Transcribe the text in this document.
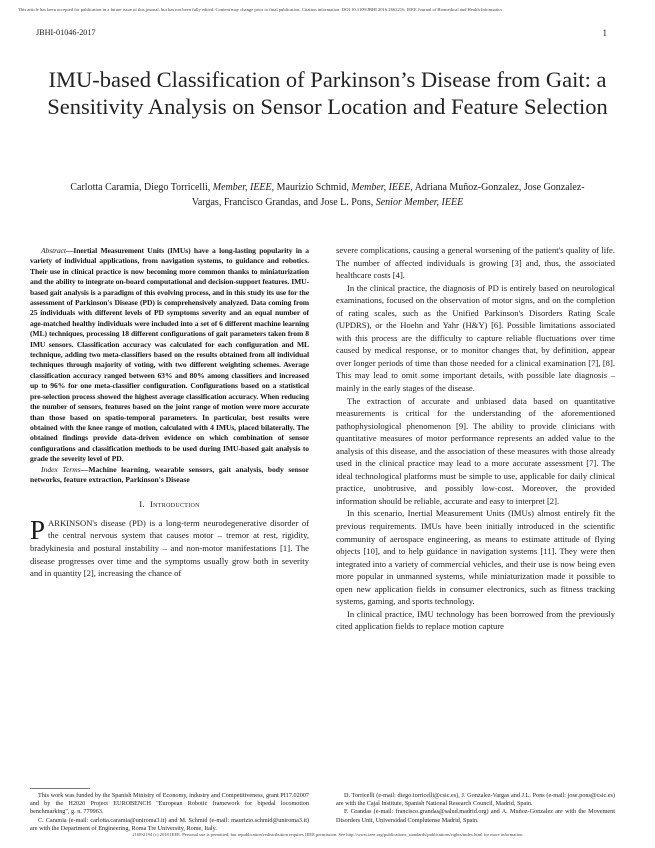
This article has been accepted for publication in a future issue of this journal, but has not been fully edited. Content may change prior to final publication. Citation information: DOI 10.1109/JBHI.2016.2662216, IEEE Journal of Biomedical and Health Informatics
JBHI-01046-2017	1
IMU-based Classification of Parkinson’s Disease from Gait: a Sensitivity Analysis on Sensor Location and Feature Selection
Carlotta Caramia, Diego Torricelli, Member, IEEE, Maurizio Schmid, Member, IEEE, Adriana Muñoz-Gonzalez, Jose Gonzalez-Vargas, Francisco Grandas, and Jose L. Pons, Senior Member, IEEE

Abstract—Inertial Measurement Units (IMUs) have a long-lasting popularity in a variety of individual applications, from navigation systems, to guidance and robotics. Their use in clinical practice is now becoming more common thanks to miniaturization and the ability to integrate on-board computational and decision-support features. IMU-based gait analysis is a paradigm of this evolving process, and in this study its use for the assessment of Parkinson's Disease (PD) is comprehensively analyzed. Data coming from 25 individuals with different levels of PD symptoms severity and an equal number of age-matched healthy individuals were included into a set of 6 different machine learning (ML) techniques, processing 18 different configurations of gait parameters taken from 8 IMU sensors. Classification accuracy was calculated for each configuration and ML technique, adding two meta-classifiers based on the results obtained from all individual techniques through majority of voting, with two different weighting schemes. Average classification accuracy ranged between 63% and 80% among classifiers and increased up to 96% for one meta-classifier configuration. Configurations based on a statistical pre-selection process showed the highest average classification accuracy. When reducing the number of sensors, features based on the joint range of motion were more accurate than those based on spatio-temporal parameters. In particular, best results were obtained with the knee range of motion, calculated with 4 IMUs, placed bilaterally. The obtained findings provide data-driven evidence on which combination of sensor configurations and classification methods to be used during IMU-based gait analysis to grade the severity level of PD.

Index Terms—Machine learning, wearable sensors, gait analysis, body sensor networks, feature extraction, Parkinson's Disease

I. Introduction

PARKINSON's disease (PD) is a long-term neurodegenerative disorder of the central nervous system that causes motor – tremor at rest, rigidity, bradykinesia and postural instability – and non-motor manifestations [1]. The disease progresses over time and the symptoms usually grow both in severity and in quantity [2], increasing the chance of

severe complications, causing a general worsening of the patient's quality of life. The number of affected individuals is growing [3] and, thus, the associated healthcare costs [4].

In the clinical practice, the diagnosis of PD is entirely based on neurological examinations, focused on the observation of motor signs, and on the completion of rating scales, such as the Unified Parkinson's Disorders Rating Scale (UPDRS), or the Hoehn and Yahr (H&Y) [6]. Possible limitations associated with this process are the difficulty to capture reliable fluctuations over time caused by medical response, or to monitor changes that, by definition, appear over longer periods of time than those needed for a clinical examination [7], [8]. This may lead to omit some important details, with possible late diagnosis – mainly in the early stages of the disease.

The extraction of accurate and unbiased data based on quantitative measurements is critical for the understanding of the aforementioned pathophysiological phenomenon [9]. The ability to provide clinicians with quantitative measures of motor performance represents an added value to the analysis of this disease, and the association of these measures with those already used in the clinical practice may lead to a more accurate assessment [7]. The ideal technological platforms must be simple to use, applicable for daily clinical practice, unobtrusive, and possibly low-cost. Moreover, the provided information should be reliable, accurate and easy to interpret [2].

In this scenario, Inertial Measurement Units (IMUs) almost entirely fit the previous requirements. IMUs have been initially introduced in the scientific community of aerospace engineering, as means to estimate attitude of flying objects [10], and to help guidance in navigation systems [11]. They were then integrated into a variety of commercial vehicles, and their use is now being even more popular in unmanned systems, while miniaturization made it possible to open new application fields in consumer electronics, such as fitness tracking systems, gaming, and sports technology.

In clinical practice, IMU technology has been borrowed from the previously cited application fields to replace motion capture

This work was funded by the Spanish Ministry of Economy, industry and Competitiveness, grant PI17.02007 and by the H2020 Project EUROBENCH "European Robotic framework for bipedal locomotion benchmarking", g. n. 779963.

C. Caramia (e-mail: carlotta.caramia@uniroma3.it) and M. Schmid (e-mail: maurizio.schmid@uniroma3.it) are with the Department of Engineering, Roma Tre University, Rome, Italy.

D. Torricelli (e-mail: diego.torricelli@csic.es), J. Gonzalez-Vargas and J.L. Pons (e-mail: jose.pons@csic.es) are with the Cajal Institute, Spanish National Research Council, Madrid, Spain.

F. Grandas (e-mail: francisco.grandas@salud.madrid.org) and A. Muñoz-Gonzalez are with the Movement Disorders Unit, Universidad Complutense Madrid, Spain.

2168-2194 (c) 2018 IEEE. Personal use is permitted, but republication/redistribution requires IEEE permission. See http://www.ieee.org/publications_standards/publications/rights/index.html for more information.
